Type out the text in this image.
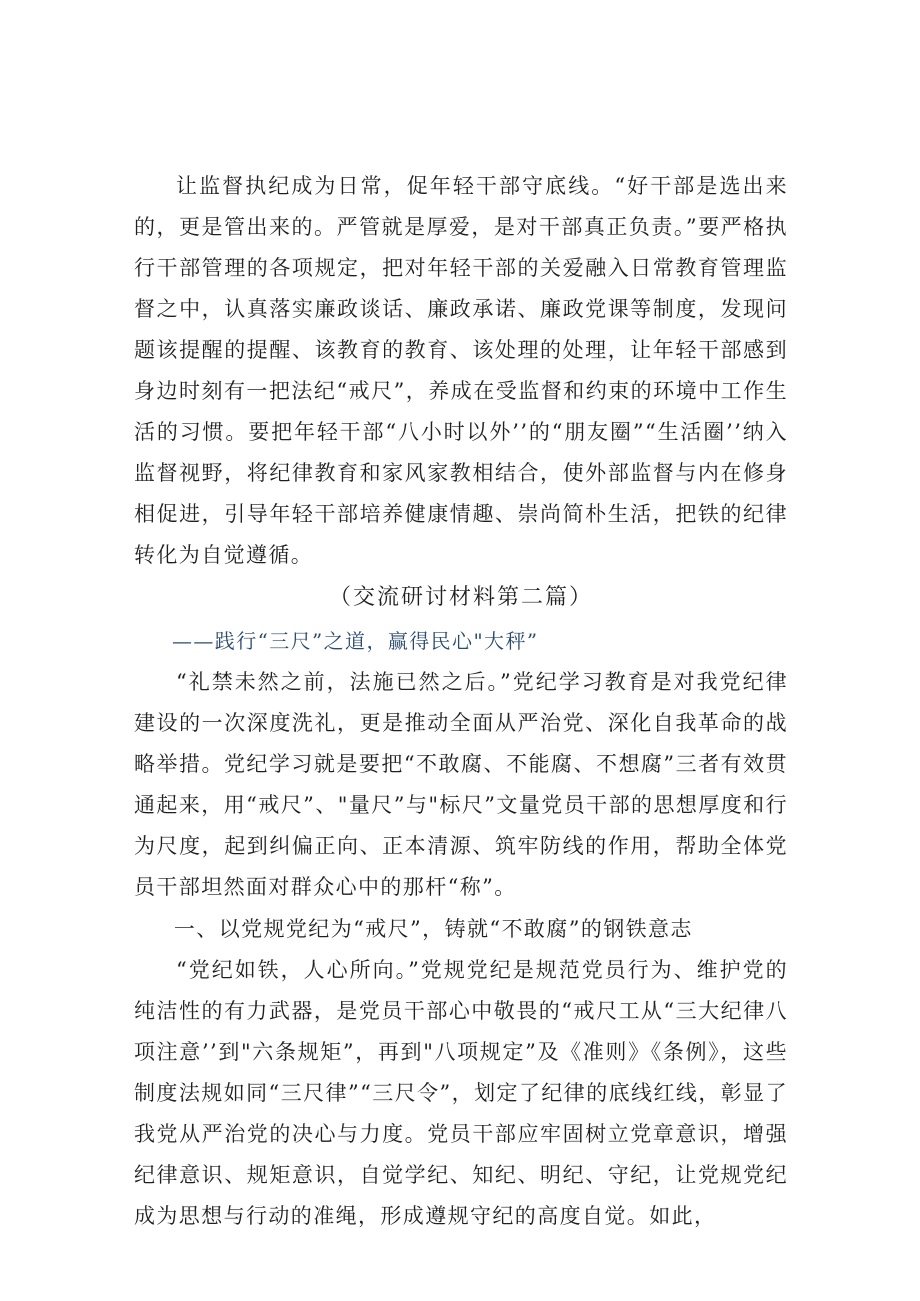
让监督执纪成为日常，促年轻干部守底线。“好干部是选出来的，更是管出来的。严管就是厚爱，是对干部真正负责。”要严格执行干部管理的各项规定，把对年轻干部的关爱融入日常教育管理监督之中，认真落实廉政谈话、廉政承诺、廉政党课等制度，发现问题该提醒的提醒、该教育的教育、该处理的处理，让年轻干部感到身边时刻有一把法纪“戒尺”，养成在受监督和约束的环境中工作生活的习惯。要把年轻干部“八小时以外’’的“朋友圈”“生活圈’’纳入监督视野，将纪律教育和家风家教相结合，使外部监督与内在修身相促进，引导年轻干部培养健康情趣、崇尚简朴生活，把铁的纪律转化为自觉遵循。

（交流研讨材料第二篇）

——践行“三尺”之道，赢得民心"大秤”

“礼禁未然之前，法施已然之后。”党纪学习教育是对我党纪律建设的一次深度洗礼，更是推动全面从严治党、深化自我革命的战略举措。党纪学习就是要把“不敢腐、不能腐、不想腐”三者有效贯通起来，用“戒尺”、"量尺”与"标尺”文量党员干部的思想厚度和行为尺度，起到纠偏正向、正本清源、筑牢防线的作用，帮助全体党员干部坦然面对群众心中的那杆“称”。

一、以党规党纪为“戒尺”，铸就“不敢腐”的钢铁意志

“党纪如铁，人心所向。”党规党纪是规范党员行为、维护党的纯洁性的有力武器，是党员干部心中敬畏的“戒尺工从“三大纪律八项注意’’到"六条规矩”，再到"八项规定”及《准则》《条例》，这些制度法规如同“三尺律”“三尺令”，划定了纪律的底线红线，彰显了我党从严治党的决心与力度。党员干部应牢固树立党章意识，增强纪律意识、规矩意识，自觉学纪、知纪、明纪、守纪，让党规党纪成为思想与行动的准绳，形成遵规守纪的高度自觉。如此，
